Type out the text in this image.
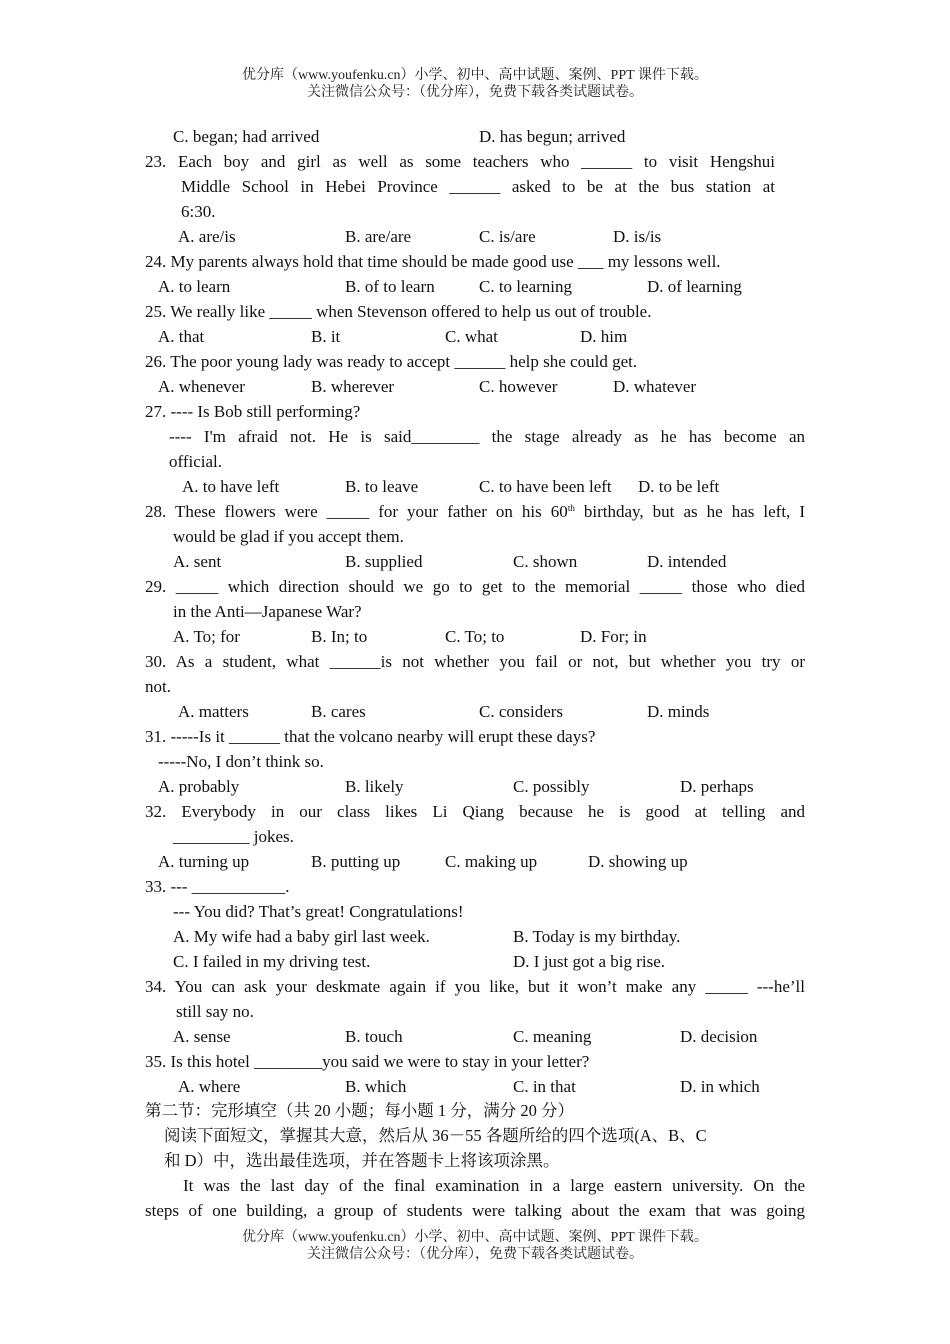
优分库（www.youfenku.cn）小学、初中、高中试题、案例、PPT 课件下载。
关注微信公众号：（优分库），免费下载各类试题试卷。
C. began; had arrived	D. has begun; arrived
23. Each boy and girl as well as some teachers who ______ to visit Hengshui
Middle School in Hebei Province ______ asked to be at the bus station at
6:30.
A. are/is	B. are/are	C. is/are	D. is/is
24. My parents always hold that time should be made good use ___ my lessons well.
A. to learn	B. of to learn	C. to learning	D. of learning
25. We really like _____ when Stevenson offered to help us out of trouble.
A. that	B. it	C. what	D. him
26. The poor young lady was ready to accept ______ help she could get.
A. whenever	B. wherever	C. however	D. whatever
27. ---- Is Bob still performing?
---- I'm afraid not. He is said________ the stage already as he has become an
official.
A. to have left	B. to leave	C. to have been left D. to be left
28. These flowers were _____ for your father on his 60th birthday, but as he has left, I
would be glad if you accept them.
A. sent	B. supplied	C. shown	D. intended
29. _____ which direction should we go to get to the memorial _____ those who died
in the Anti—Japanese War?
A. To; for	B. In; to	C. To; to	D. For; in
30. As a student, what ______is not whether you fail or not, but whether you try or
not.
A. matters	B. cares	C. considers	D. minds
31. -----Is it ______ that the volcano nearby will erupt these days?
-----No, I don’t think so.
A. probably	B. likely	C. possibly	D. perhaps
32. Everybody in our class likes Li Qiang because he is good at telling and
_________ jokes.
A. turning up	B. putting up	C. making up	D. showing up
33. --- ___________.
--- You did? That’s great! Congratulations!
A. My wife had a baby girl last week.	B. Today is my birthday.
C. I failed in my driving test.	D. I just got a big rise.
34. You can ask your deskmate again if you like, but it won’t make any _____ ---he’ll
still say no.
A. sense	B. touch	C. meaning	D. decision
35. Is this hotel ________you said we were to stay in your letter?
A. where	B. which	C. in that	D. in which
第二节：完形填空（共 20 小题；每小题 1 分，满分 20 分）
阅读下面短文，掌握其大意，然后从 36－55 各题所给的四个选项(A、B、C
和 D）中，选出最佳选项，并在答题卡上将该项涂黑。
It was the last day of the final examination in a large eastern university. On the
steps of one building, a group of students were talking about the exam that was going
优分库（www.youfenku.cn）小学、初中、高中试题、案例、PPT 课件下载。
关注微信公众号：（优分库），免费下载各类试题试卷。
